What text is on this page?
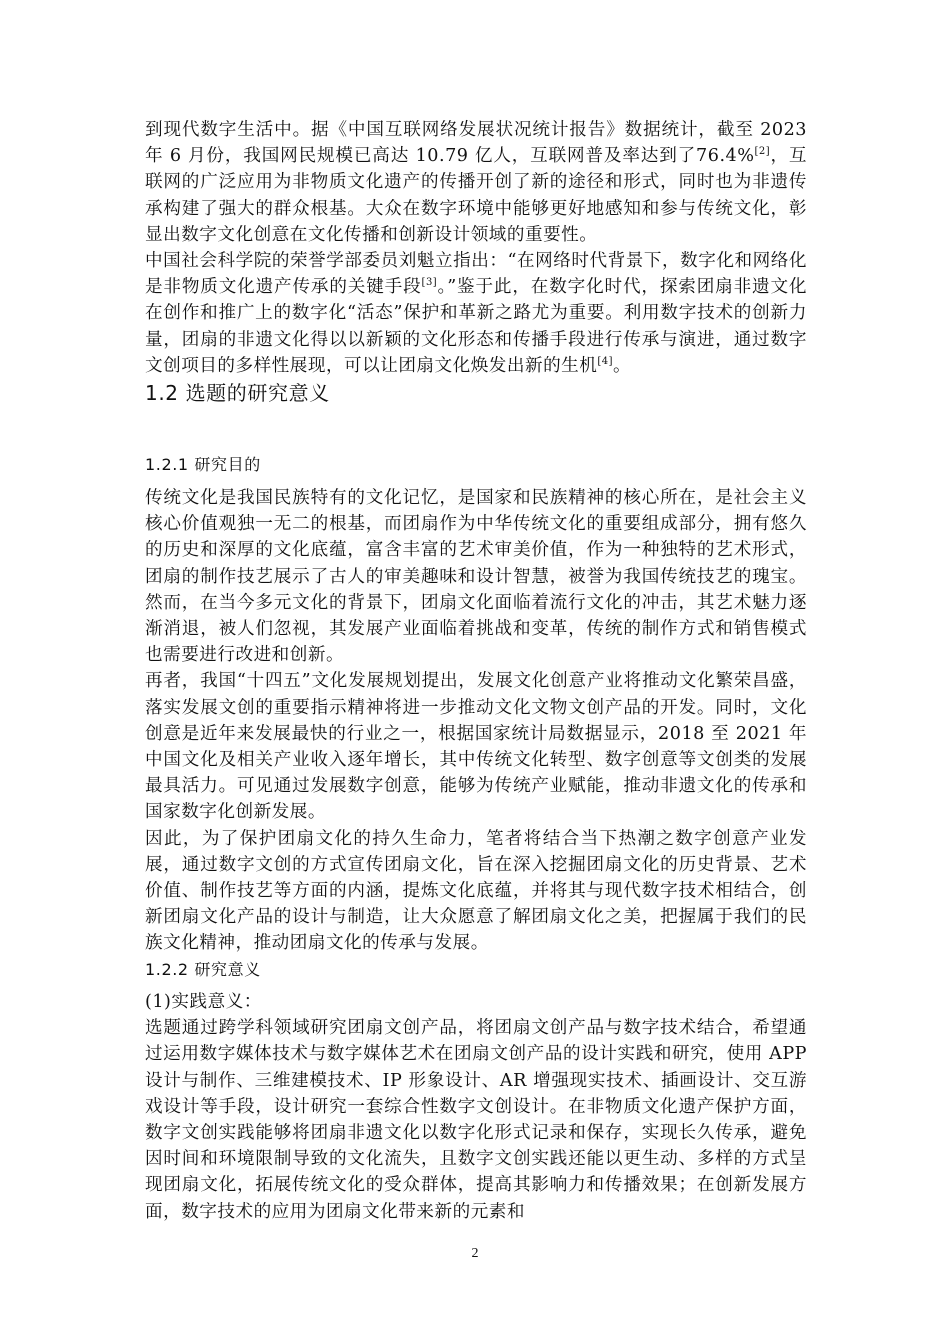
到现代数字生活中。据《中国互联网络发展状况统计报告》数据统计，截至 2023 年 6 月份，我国网民规模已高达 10.79 亿人，互联网普及率达到了76.4%[2]，互联网的广泛应用为非物质文化遗产的传播开创了新的途径和形式，同时也为非遗传承构建了强大的群众根基。大众在数字环境中能够更好地感知和参与传统文化，彰显出数字文化创意在文化传播和创新设计领域的重要性。

中国社会科学院的荣誉学部委员刘魁立指出：“在网络时代背景下，数字化和网络化是非物质文化遗产传承的关键手段[3]。”鉴于此，在数字化时代，探索团扇非遗文化在创作和推广上的数字化“活态”保护和革新之路尤为重要。利用数字技术的创新力量，团扇的非遗文化得以以新颖的文化形态和传播手段进行传承与演进，通过数字文创项目的多样性展现，可以让团扇文化焕发出新的生机[4]。

1.2 选题的研究意义
1.2.1 研究目的

传统文化是我国民族特有的文化记忆，是国家和民族精神的核心所在，是社会主义核心价值观独一无二的根基，而团扇作为中华传统文化的重要组成部分，拥有悠久的历史和深厚的文化底蕴，富含丰富的艺术审美价值，作为一种独特的艺术形式，团扇的制作技艺展示了古人的审美趣味和设计智慧，被誉为我国传统技艺的瑰宝。然而，在当今多元文化的背景下，团扇文化面临着流行文化的冲击，其艺术魅力逐渐消退，被人们忽视，其发展产业面临着挑战和变革，传统的制作方式和销售模式也需要进行改进和创新。

再者，我国“十四五”文化发展规划提出，发展文化创意产业将推动文化繁荣昌盛，落实发展文创的重要指示精神将进一步推动文化文物文创产品的开发。同时，文化创意是近年来发展最快的行业之一，根据国家统计局数据显示，2018 至 2021 年中国文化及相关产业收入逐年增长，其中传统文化转型、数字创意等文创类的发展最具活力。可见通过发展数字创意，能够为传统产业赋能，推动非遗文化的传承和国家数字化创新发展。

因此，为了保护团扇文化的持久生命力，笔者将结合当下热潮之数字创意产业发展，通过数字文创的方式宣传团扇文化，旨在深入挖掘团扇文化的历史背景、艺术价值、制作技艺等方面的内涵，提炼文化底蕴，并将其与现代数字技术相结合，创新团扇文化产品的设计与制造，让大众愿意了解团扇文化之美，把握属于我们的民族文化精神，推动团扇文化的传承与发展。

1.2.2 研究意义

(1)实践意义：

选题通过跨学科领域研究团扇文创产品，将团扇文创产品与数字技术结合，希望通过运用数字媒体技术与数字媒体艺术在团扇文创产品的设计实践和研究，使用 APP 设计与制作、三维建模技术、IP 形象设计、AR 增强现实技术、插画设计、交互游戏设计等手段，设计研究一套综合性数字文创设计。在非物质文化遗产保护方面，数字文创实践能够将团扇非遗文化以数字化形式记录和保存，实现长久传承，避免因时间和环境限制导致的文化流失，且数字文创实践还能以更生动、多样的方式呈现团扇文化，拓展传统文化的受众群体，提高其影响力和传播效果；在创新发展方面，数字技术的应用为团扇文化带来新的元素和

2
